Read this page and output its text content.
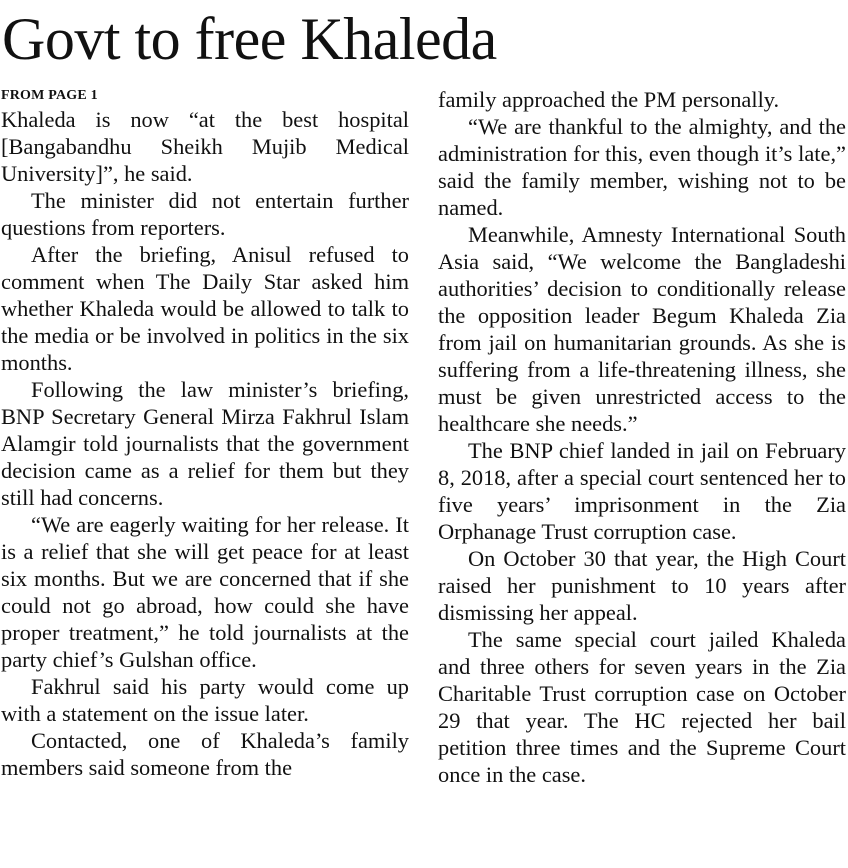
Govt to free Khaleda
FROM PAGE 1

Khaleda is now “at the best hospital [Bangabandhu Sheikh Mujib Medical University]”, he said.

The minister did not entertain further questions from reporters.

After the briefing, Anisul refused to comment when The Daily Star asked him whether Khaleda would be allowed to talk to the media or be involved in politics in the six months.

Following the law minister’s briefing, BNP Secretary General Mirza Fakhrul Islam Alamgir told journalists that the government decision came as a relief for them but they still had concerns.

“We are eagerly waiting for her release. It is a relief that she will get peace for at least six months. But we are concerned that if she could not go abroad, how could she have proper treatment,” he told journalists at the party chief’s Gulshan office.

Fakhrul said his party would come up with a statement on the issue later.

Contacted, one of Khaleda’s family members said someone from the

family approached the PM personally.

“We are thankful to the almighty, and the administration for this, even though it’s late,” said the family member, wishing not to be named.

Meanwhile, Amnesty International South Asia said, “We welcome the Bangladeshi authorities’ decision to conditionally release the opposition leader Begum Khaleda Zia from jail on humanitarian grounds. As she is suffering from a life-threatening illness, she must be given unrestricted access to the healthcare she needs.”

The BNP chief landed in jail on February 8, 2018, after a special court sentenced her to five years’ imprisonment in the Zia Orphanage Trust corruption case.

On October 30 that year, the High Court raised her punishment to 10 years after dismissing her appeal.

The same special court jailed Khaleda and three others for seven years in the Zia Charitable Trust corruption case on October 29 that year. The HC rejected her bail petition three times and the Supreme Court once in the case.
